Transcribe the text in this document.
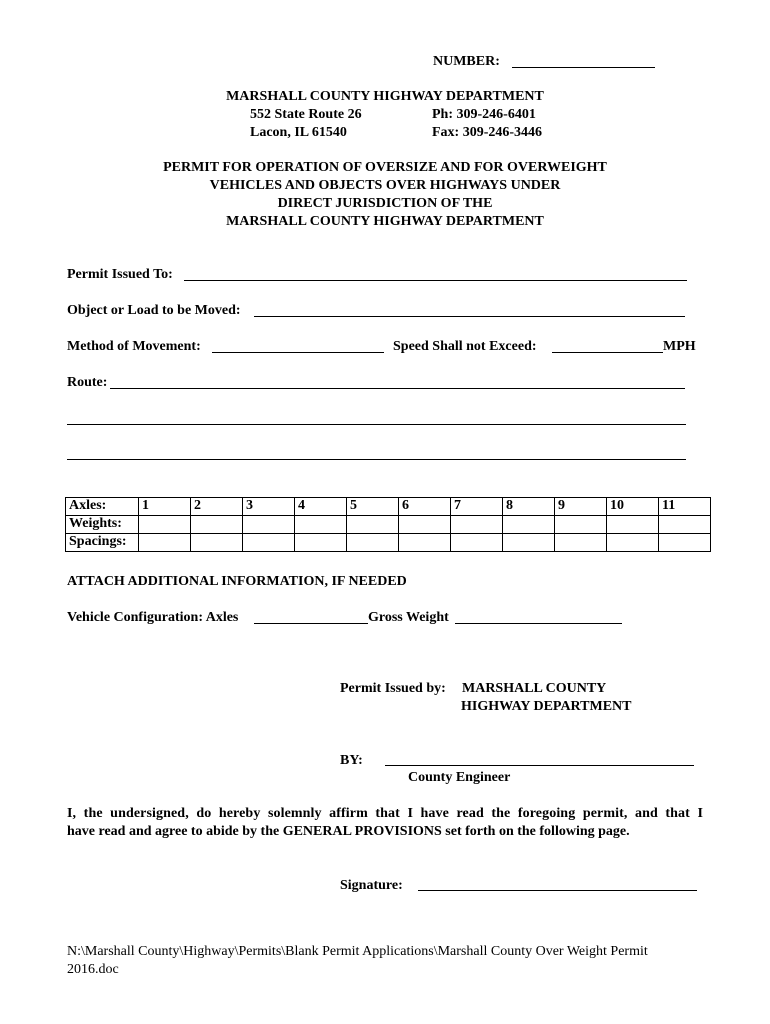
NUMBER:
MARSHALL COUNTY HIGHWAY DEPARTMENT
552 State Route 26	Ph: 309-246-6401
Lacon, IL 61540	Fax: 309-246-3446
PERMIT FOR OPERATION OF OVERSIZE AND FOR OVERWEIGHT
VEHICLES AND OBJECTS OVER HIGHWAYS UNDER
DIRECT JURISDICTION OF THE
MARSHALL COUNTY HIGHWAY DEPARTMENT
Permit Issued To:
Object or Load to be Moved:
Method of Movement:	Speed Shall not Exceed:	MPH
Route:
Axles:	1	2	3	4	5	6	7	8	9	10	11
Weights:											
Spacings:											
ATTACH ADDITIONAL INFORMATION, IF NEEDED
Vehicle Configuration: Axles	Gross Weight
Permit Issued by: MARSHALL COUNTY
HIGHWAY DEPARTMENT
BY:
County Engineer
I, the undersigned, do hereby solemnly affirm that I have read the foregoing permit, and that I
have read and agree to abide by the GENERAL PROVISIONS set forth on the following page.
Signature:
N:\Marshall County\Highway\Permits\Blank Permit Applications\Marshall County Over Weight Permit
2016.doc
